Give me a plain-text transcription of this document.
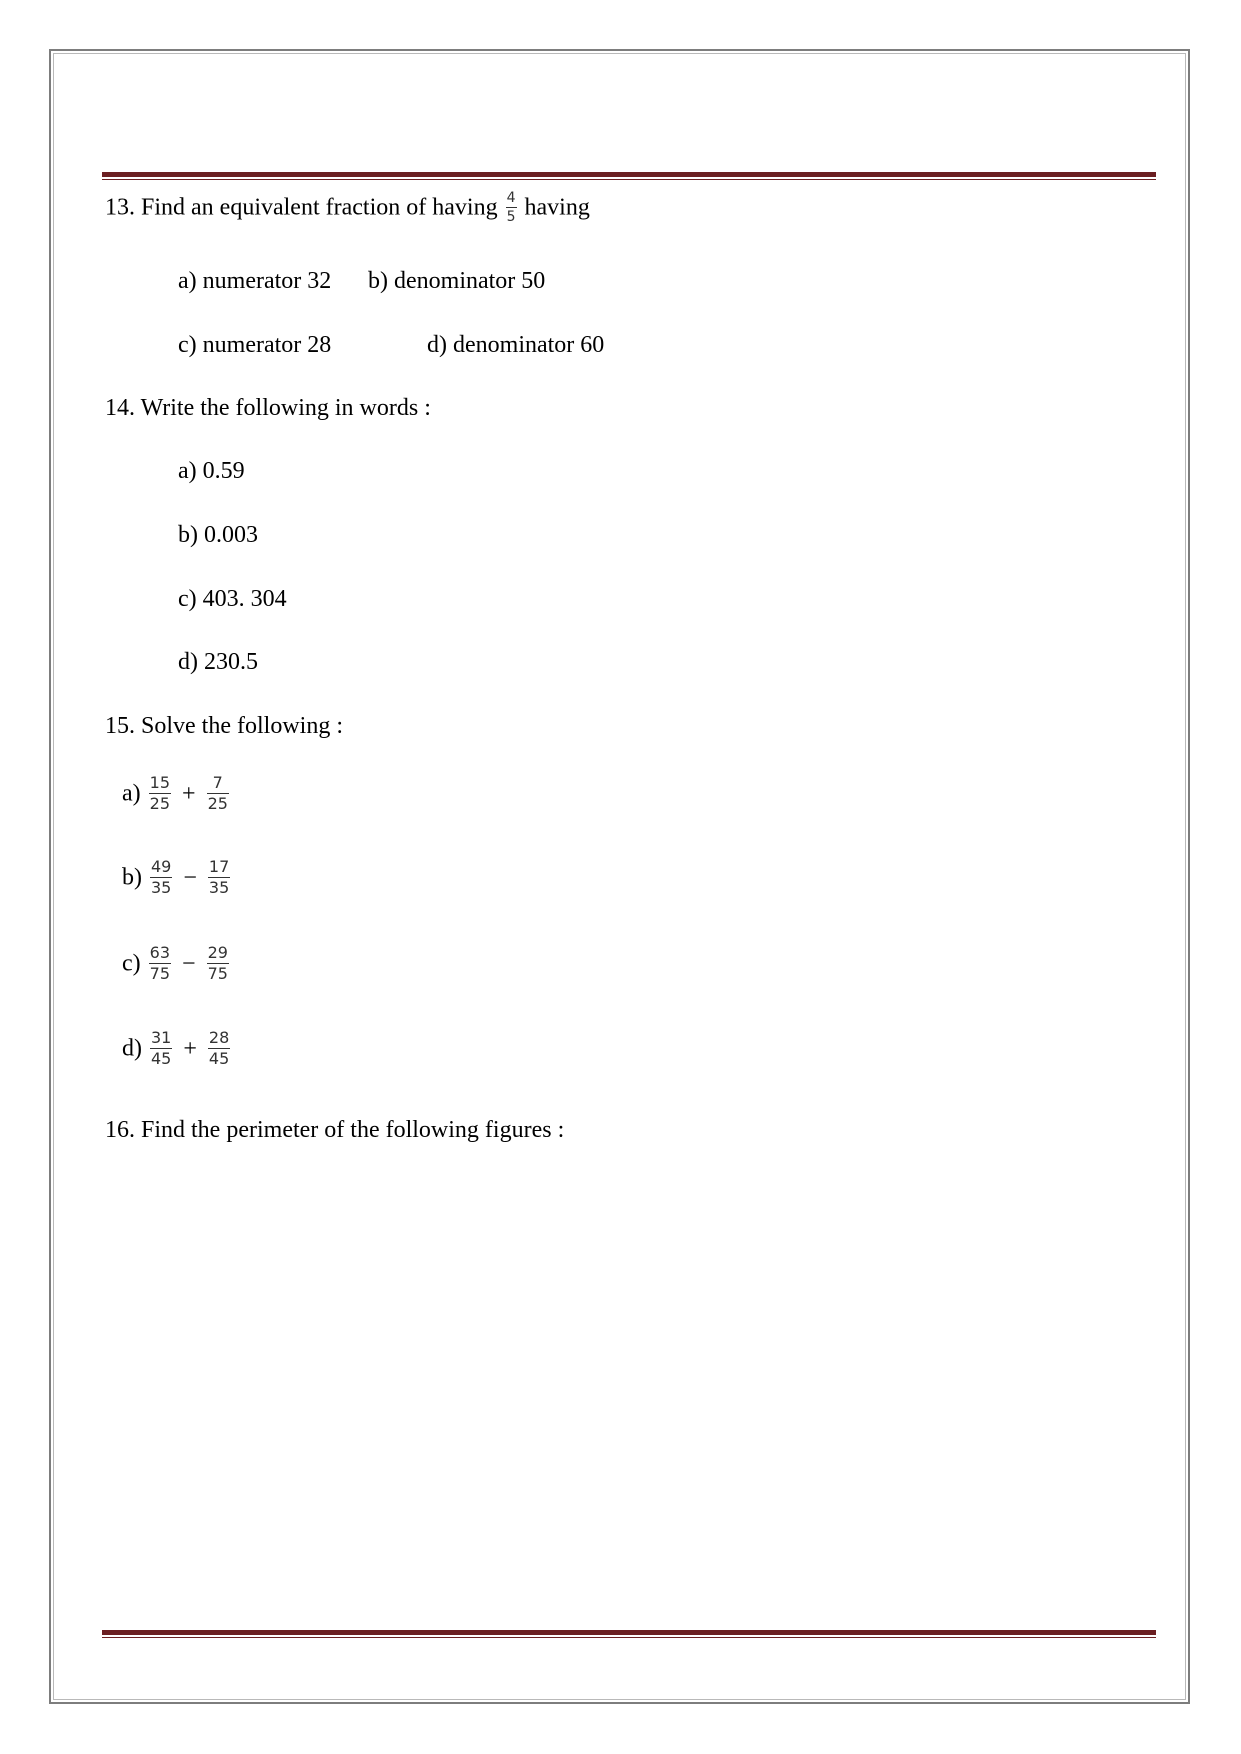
13. Find an equivalent fraction of having $\frac{4}{5}$ having
a) numerator 32 b) denominator 50
c) numerator 28	d) denominator 60
14. Write the following in words :
a) 0.59
b) 0.003
c) 403. 304
d) 230.5
15. Solve the following :
$a) \frac{15}{25} + \frac{7}{25}$
$b) \frac{49}{35} - \frac{17}{35}$
$c) \frac{63}{75} - \frac{29}{75}$
$d) \frac{31}{45} + \frac{28}{45}$
16. Find the perimeter of the following figures :
